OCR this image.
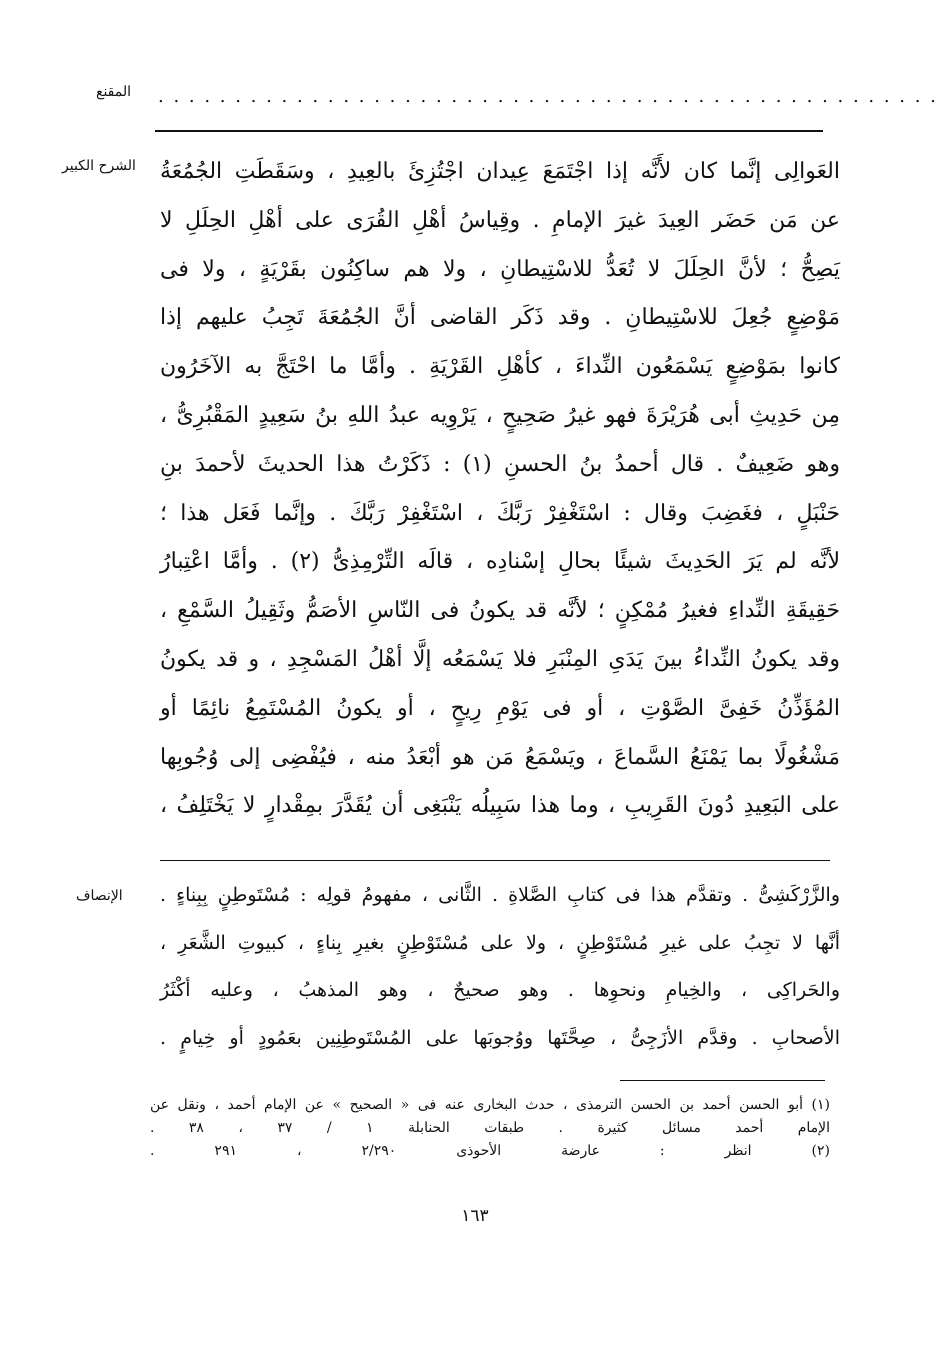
المقنع	. . . . . . . . . . . . . . . . . . . . . . . . . . . . . . . . . . . . . . . . . . . . . . . . . . .
الشرح الكبير العَوالِى إنَّما كان لأَنَّه إذا اجْتَمَعَ عِيدان اجْتُزِئَ بالعِيدِ ، وسَقَطَتِ الجُمُعَةُ
عن مَن حَضَر العِيدَ غيرَ الإمامِ . وقِياسُ أهْلِ القُرَى على أهْلِ الحِلَلِ لا
يَصِحُّ ؛ لأنَّ الحِلَلَ لا تُعَدُّ للاسْتِيطانِ ، ولا هم ساكِنُون بقَرْيَةٍ ، ولا فى
مَوْضِعٍ جُعِلَ للاسْتِيطانِ . وقد ذَكَر القاضى أنَّ الجُمُعَةَ تَجِبُ عليهم إذا
كانوا بمَوْضِعٍ يَسْمَعُون النِّداءَ ، كأهْلِ القَرْيَةِ . وأمَّا ما احْتَجَّ به الآخَرُون
مِن حَدِيثِ أبى هُرَيْرَةَ فهو غيرُ صَحِيحٍ ، يَرْوِيه عبدُ اللهِ بنُ سَعِيدٍ المَقْبُرِىُّ ،
وهو ضَعِيفٌ . قال أحمدُ بنُ الحسنِ (١) : ذَكَرْتُ هذا الحديثَ لأحمدَ بنِ
حَنْبَلٍ ، فغَضِبَ وقال : اسْتَغْفِرْ رَبَّكَ ، اسْتَغْفِرْ رَبَّكَ . وإنَّما فَعَل هذا ؛
لأنَّه لم يَرَ الحَدِيثَ شيئًا بحالِ إسْنادِه ، قالَه التِّرْمِذِىُّ (٢) . وأمَّا اعْتِبارُ
حَقِيقَةِ النِّداءِ فغيرُ مُمْكِنٍ ؛ لأنَّه قد يكونُ فى النّاسِ الأصَمُّ وثَقِيلُ السَّمْعِ ،
وقد يكونُ النِّداءُ بينَ يَدَىِ المِنْبَرِ فلا يَسْمَعُه إلَّا أهْلُ المَسْجِدِ ، و قد يكونُ
المُؤَذِّنُ خَفِىَّ الصَّوْتِ ، أو فى يَوْمِ رِيحٍ ، أو يكونُ المُسْتَمِعُ نائِمًا أو
مَشْغُولًا بما يَمْنَعُ السَّماعَ ، ويَسْمَعُ مَن هو أبْعَدُ منه ، فيُفْضِى إلى وُجُوبِها
على البَعِيدِ دُونَ القَرِيبِ ، وما هذا سَبِيلُه يَنْبَغِى أن يُقَدَّرَ بمِقْدارٍ لا يَخْتَلِفُ ،
الإنصاف والزَّرْكَشِىُّ . وتقدَّم هذا فى كتابِ الصَّلاةِ . الثَّانى ، مفهومُ قولِه : مُسْتَوطِنٍ بِبِناءٍ .
أنَّها لا تجِبُ على غيرِ مُسْتَوْطِنٍ ، ولا على مُسْتَوْطِنٍ بغيرِ بِناءٍ ، كبيوتِ الشَّعَرِ ،
والحَراكِى ، والخِيامِ ونحوِها . وهو صحيحٌ ، وهو المذهبُ ، وعليه أكْثَرُ
الأصحابِ . وقدَّم الأزَجِىُّ ، صِحَّتَها ووُجوبَها على المُسْتَوطِنِين بعَمُودٍ أو خِيامٍ .
(١) أبو الحسن أحمد بن الحسن الترمذى ، حدث البخارى عنه فى « الصحيح » عن الإمام أحمد ، ونقل عن
الإمام أحمد مسائل كثيرة . طبقات الحنابلة ١ / ٣٧ ، ٣٨ .
(٢) انظر : عارضة الأحوذى ٢/٢٩٠ ، ٢٩١ .
١٦٣
